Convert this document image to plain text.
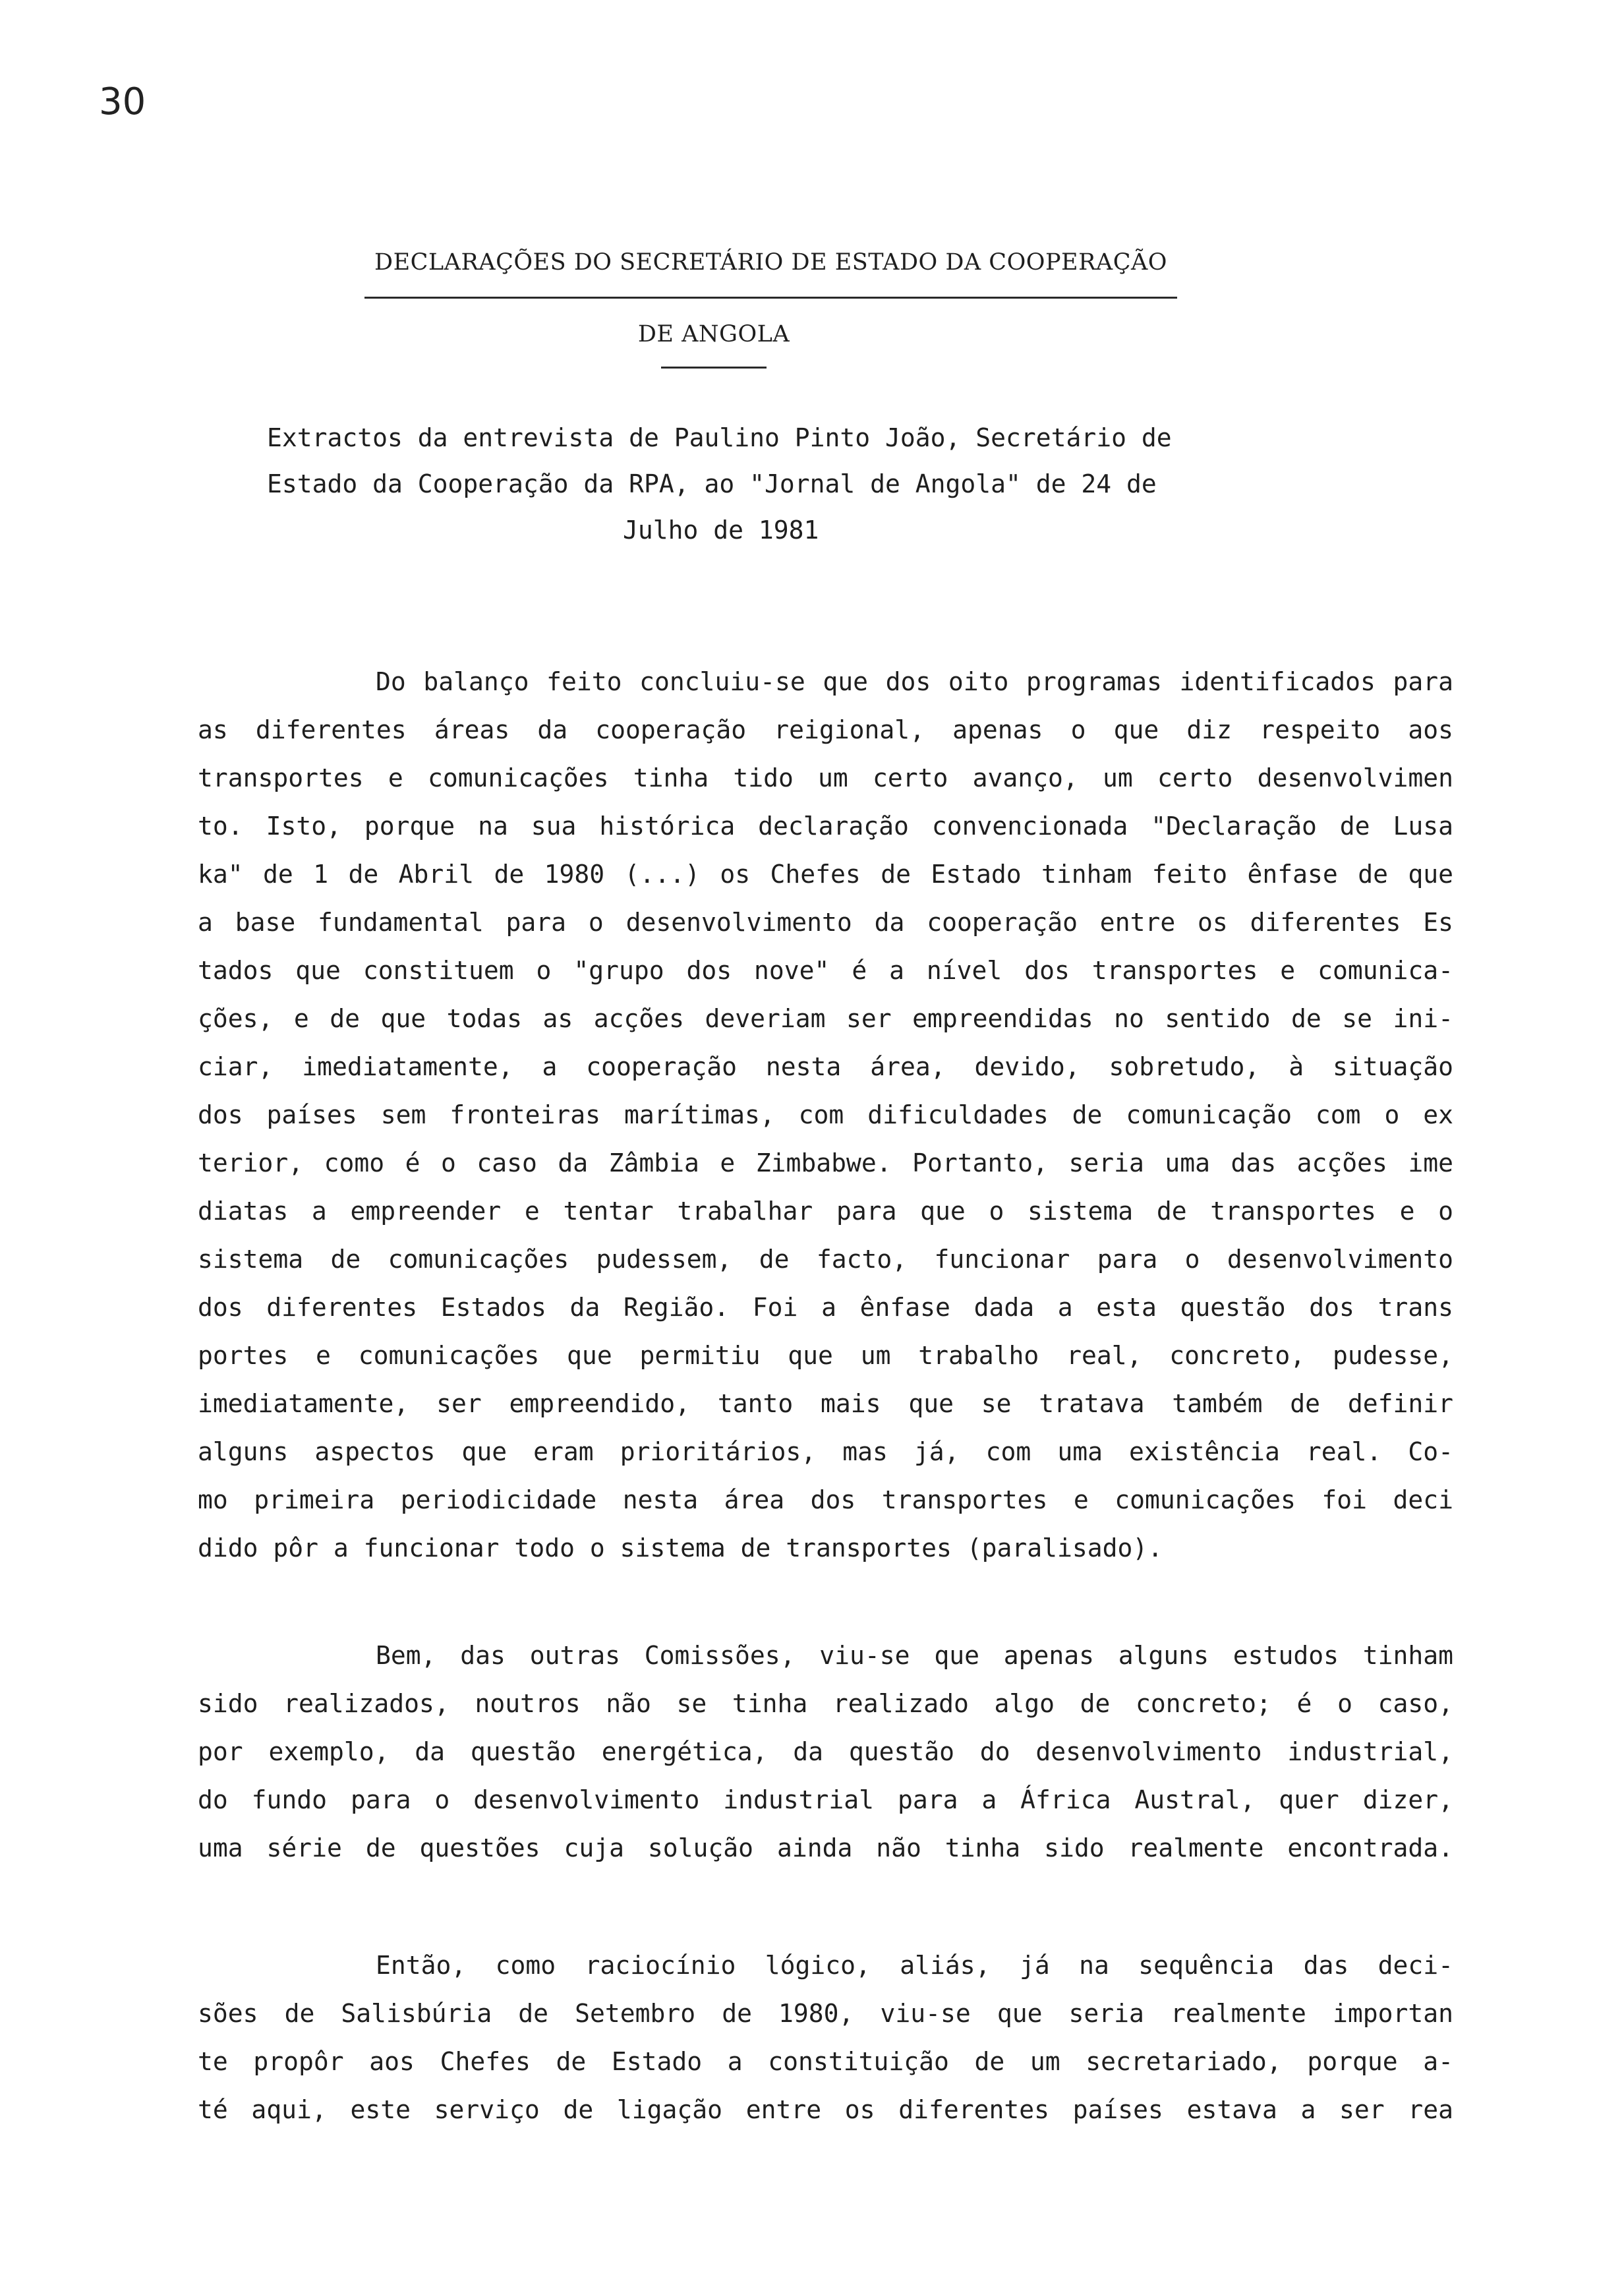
30
DECLARAÇÕES DO SECRETÁRIO DE ESTADO DA COOPERAÇÃO
DE ANGOLA
Extractos da entrevista de Paulino Pinto João, Secretário de
Estado da Cooperação da RPA, ao "Jornal de Angola" de 24 de
Julho de 1981
Do balanço feito concluiu-se que dos oito programas identificados para
as diferentes áreas da cooperação reigional, apenas o que diz respeito aos
transportes e comunicações tinha tido um certo avanço, um certo desenvolvimen
to. Isto, porque na sua histórica declaração convencionada "Declaração de Lusa
ka" de 1 de Abril de 1980 (...) os Chefes de Estado tinham feito ênfase de que
a base fundamental para o desenvolvimento da cooperação entre os diferentes Es
tados que constituem o "grupo dos nove" é a nível dos transportes e comunica-
ções, e de que todas as acções deveriam ser empreendidas no sentido de se ini-
ciar, imediatamente, a cooperação nesta área, devido, sobretudo, à situação
dos países sem fronteiras marítimas, com dificuldades de comunicação com o ex
terior, como é o caso da Zâmbia e Zimbabwe. Portanto, seria uma das acções ime
diatas a empreender e tentar trabalhar para que o sistema de transportes e o
sistema de comunicações pudessem, de facto, funcionar para o desenvolvimento
dos diferentes Estados da Região. Foi a ênfase dada a esta questão dos trans
portes e comunicações que permitiu que um trabalho real, concreto, pudesse,
imediatamente, ser empreendido, tanto mais que se tratava também de definir
alguns aspectos que eram prioritários, mas já, com uma existência real. Co-
mo primeira periodicidade nesta área dos transportes e comunicações foi deci
dido pôr a funcionar todo o sistema de transportes (paralisado).
Bem, das outras Comissões, viu-se que apenas alguns estudos tinham
sido realizados, noutros não se tinha realizado algo de concreto; é o caso,
por exemplo, da questão energética, da questão do desenvolvimento industrial,
do fundo para o desenvolvimento industrial para a África Austral, quer dizer,
uma série de questões cuja solução ainda não tinha sido realmente encontrada.
Então, como raciocínio lógico, aliás, já na sequência das deci-
sões de Salisbúria de Setembro de 1980, viu-se que seria realmente importan
te propôr aos Chefes de Estado a constituição de um secretariado, porque a-
té aqui, este serviço de ligação entre os diferentes países estava a ser rea
